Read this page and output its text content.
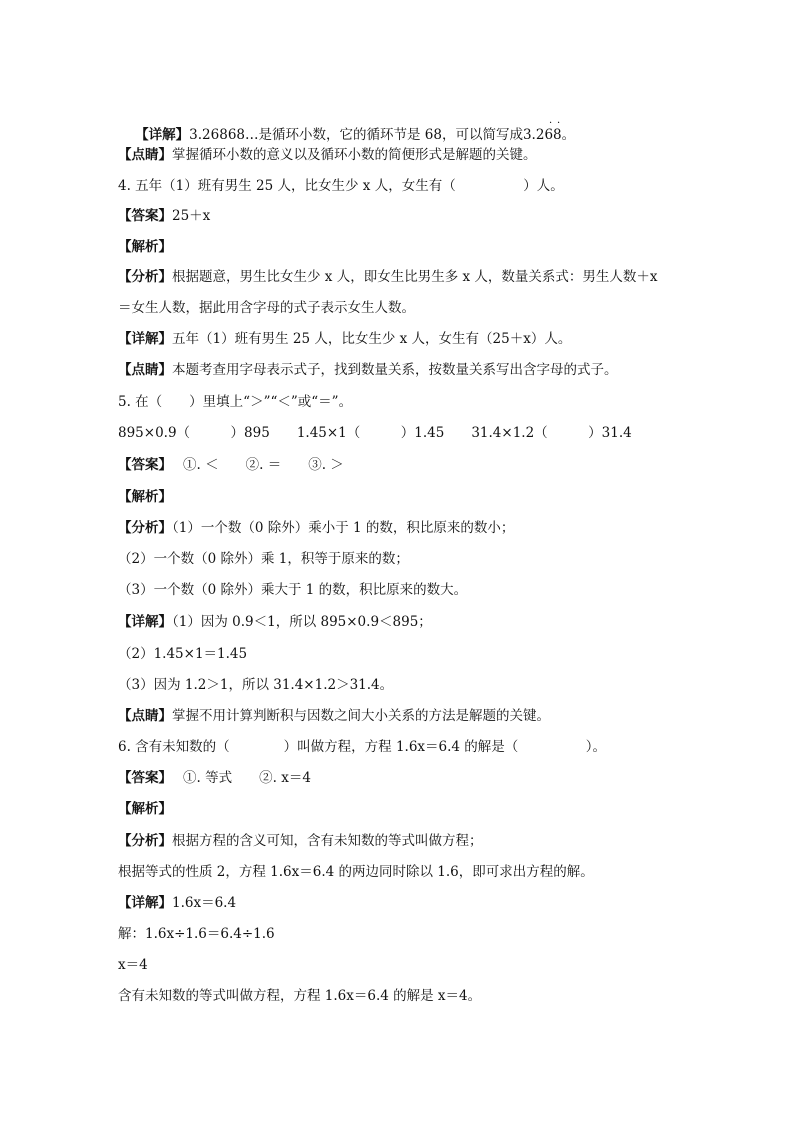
【详解】3.26868…是循环小数，它的循环节是 68，可以简写成3.268
· ·
。

【点睛】掌握循环小数的意义以及循环小数的简便形式是解题的关键。
4. 五年（1）班有男生 25 人，比女生少 x 人，女生有（　　　　　）人。
【答案】25＋x
【解析】
【分析】根据题意，男生比女生少 x 人，即女生比男生多 x 人，数量关系式：男生人数＋x
＝女生人数，据此用含字母的式子表示女生人数。
【详解】五年（1）班有男生 25 人，比女生少 x 人，女生有（25＋x）人。
【点睛】本题考查用字母表示式子，找到数量关系，按数量关系写出含字母的式子。
5. 在（　　）里填上“＞”“＜”或“＝”。
895×0.9（　　　）895　　1.45×1（　　　）1.45　　31.4×1.2（　　　）31.4
【答案】　 ①. ＜　　②. ＝　　③. ＞
【解析】
【分析】（1）一个数（0 除外）乘小于 1 的数，积比原来的数小；
（2）一个数（0 除外）乘 1，积等于原来的数；
（3）一个数（0 除外）乘大于 1 的数，积比原来的数大。
【详解】（1）因为 0.9＜1，所以 895×0.9＜895；
（2）1.45×1＝1.45
（3）因为 1.2＞1，所以 31.4×1.2＞31.4。
【点睛】掌握不用计算判断积与因数之间大小关系的方法是解题的关键。
6. 含有未知数的（　　　　）叫做方程，方程 1.6x＝6.4 的解是（　　　　　）。
【答案】　 ①. 等式　　②. x＝4
【解析】
【分析】根据方程的含义可知，含有未知数的等式叫做方程；
根据等式的性质 2，方程 1.6x＝6.4 的两边同时除以 1.6，即可求出方程的解。
【详解】1.6x＝6.4
解：1.6x÷1.6＝6.4÷1.6
x＝4
含有未知数的等式叫做方程，方程 1.6x＝6.4 的解是 x＝4。
